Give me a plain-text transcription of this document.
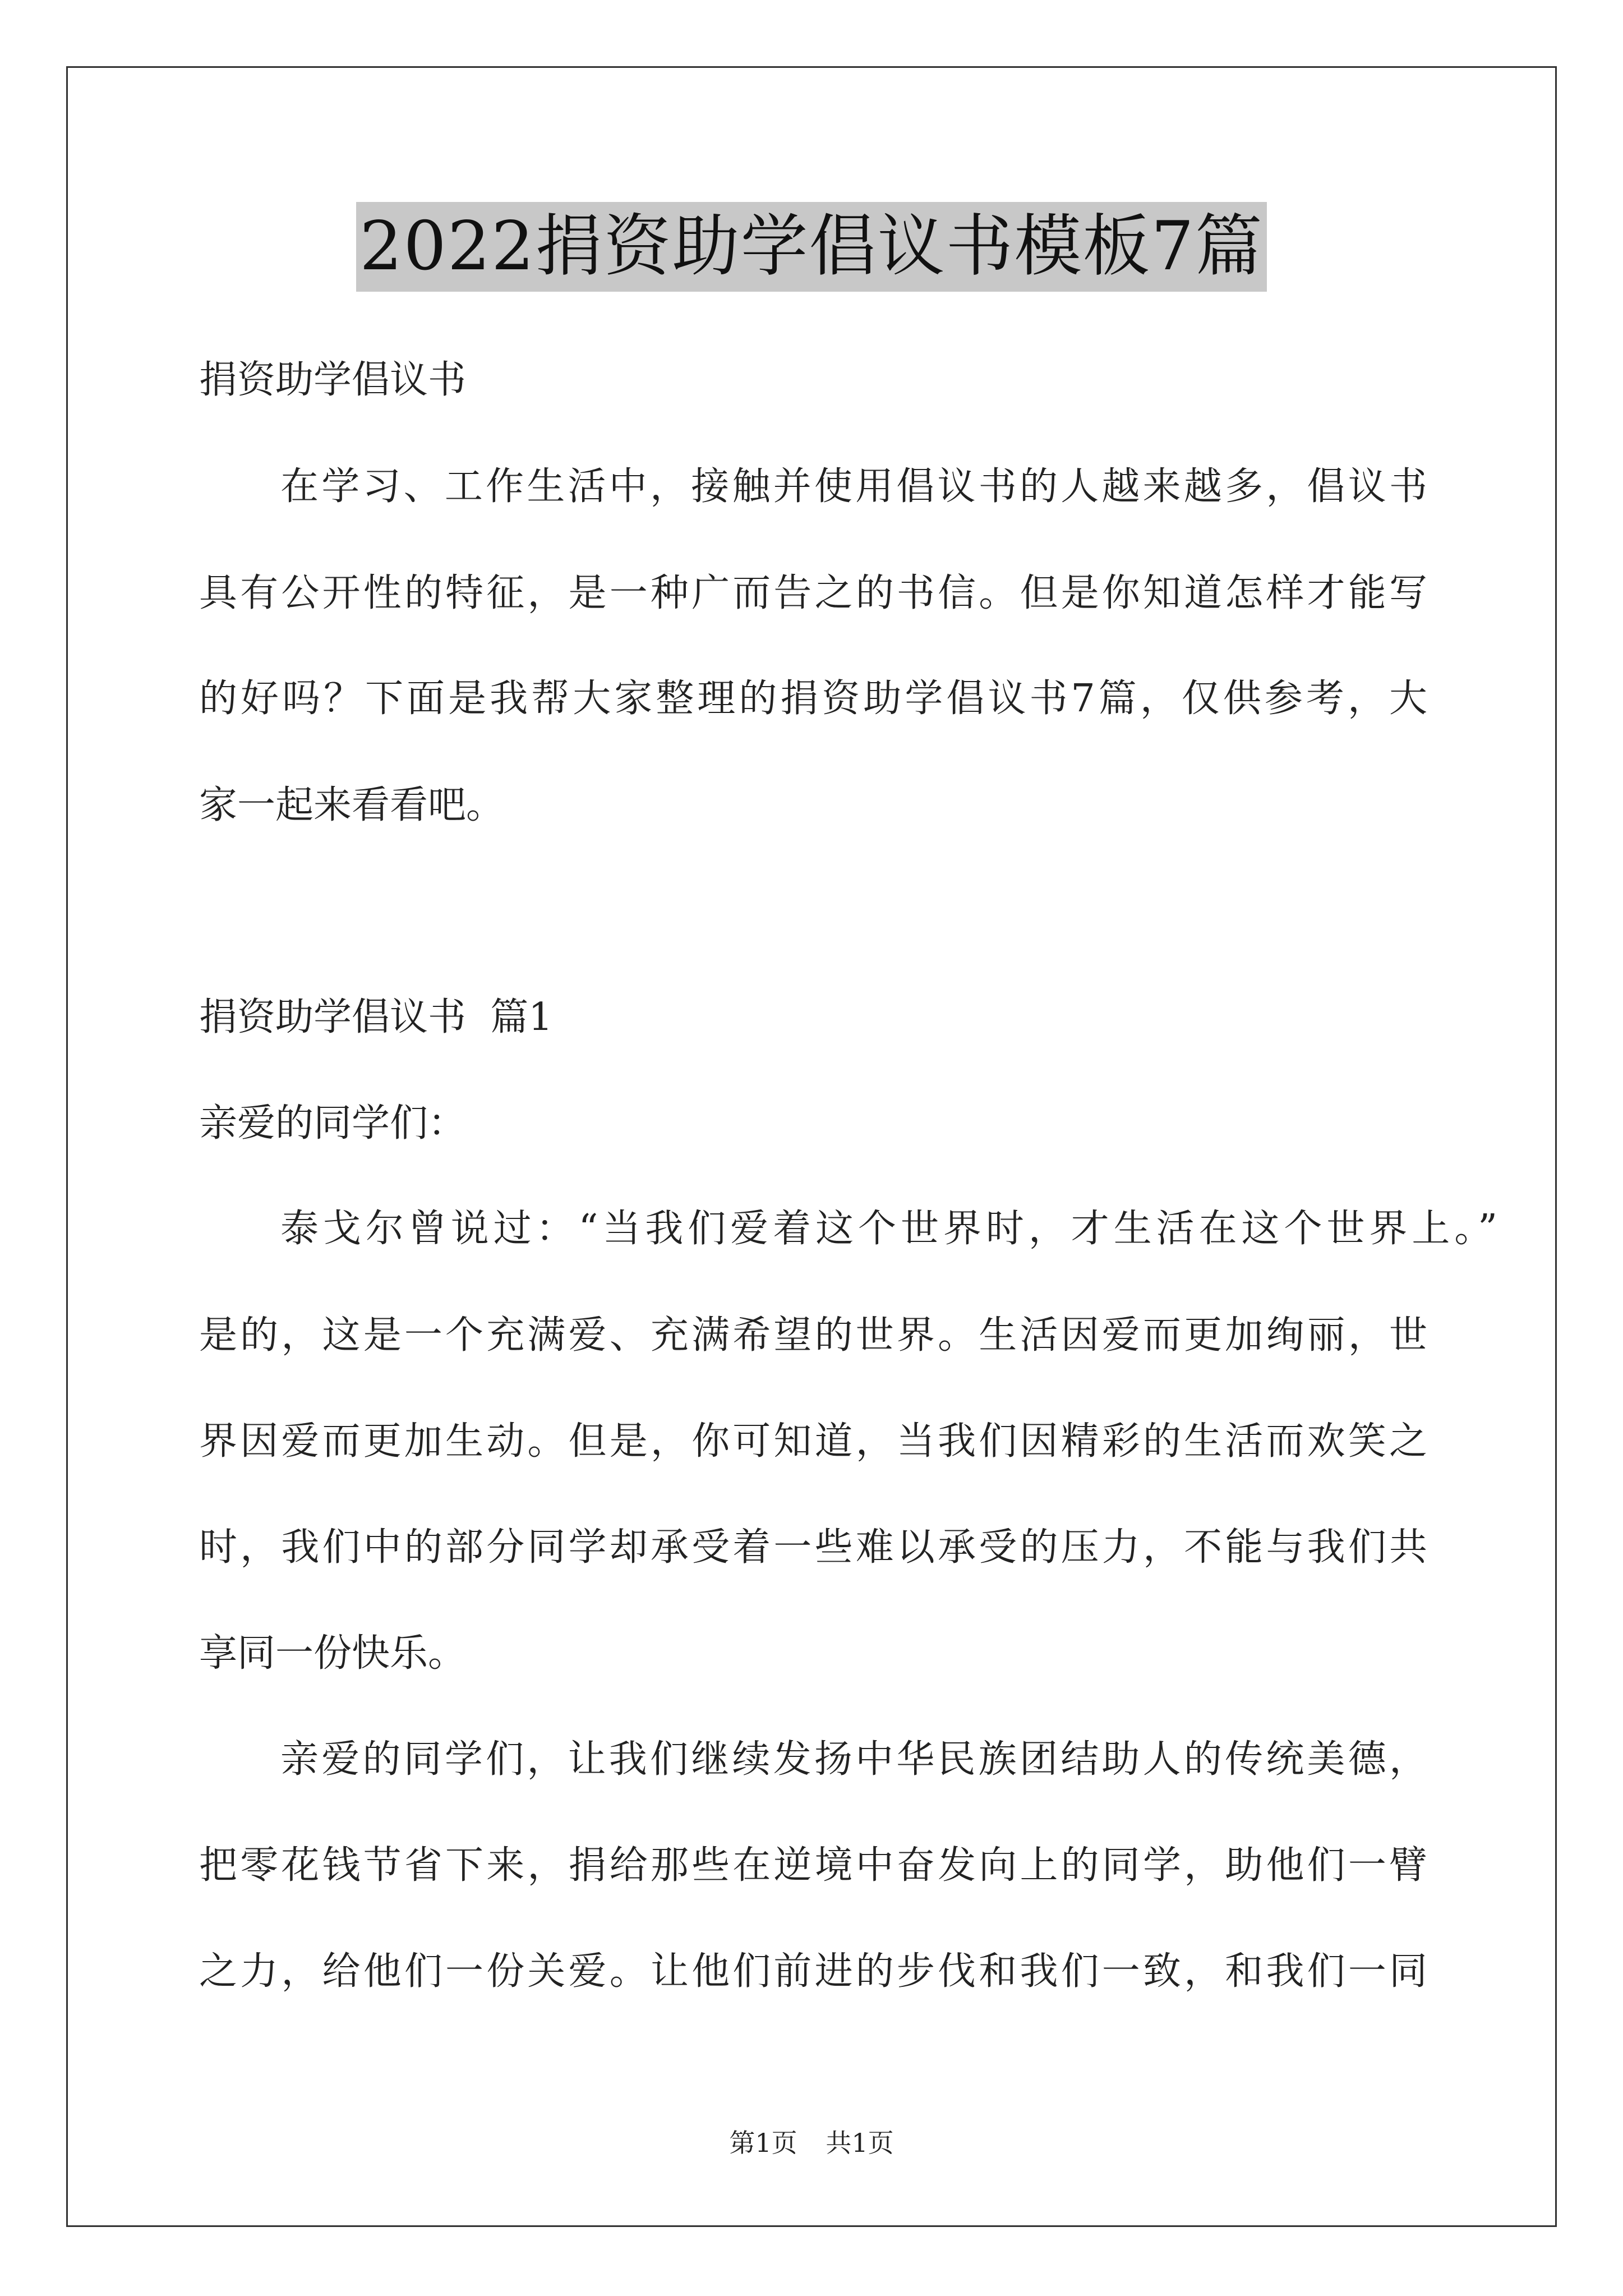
2022捐资助学倡议书模板7篇
捐资助学倡议书
在学习、工作生活中，接触并使用倡议书的人越来越多，倡议书
具有公开性的特征，是一种广而告之的书信。但是你知道怎样才能写
的好吗？下面是我帮大家整理的捐资助学倡议书7篇，仅供参考，大
家一起来看看吧。
捐资助学倡议书  篇1
亲爱的同学们：
泰戈尔曾说过：“当我们爱着这个世界时，才生活在这个世界上。”
是的，这是一个充满爱、充满希望的世界。生活因爱而更加绚丽，世
界因爱而更加生动。但是，你可知道，当我们因精彩的生活而欢笑之
时，我们中的部分同学却承受着一些难以承受的压力，不能与我们共
享同一份快乐。
亲爱的同学们，让我们继续发扬中华民族团结助人的传统美德，
把零花钱节省下来，捐给那些在逆境中奋发向上的同学，助他们一臂
之力，给他们一份关爱。让他们前进的步伐和我们一致，和我们一同
第1页 共1页
